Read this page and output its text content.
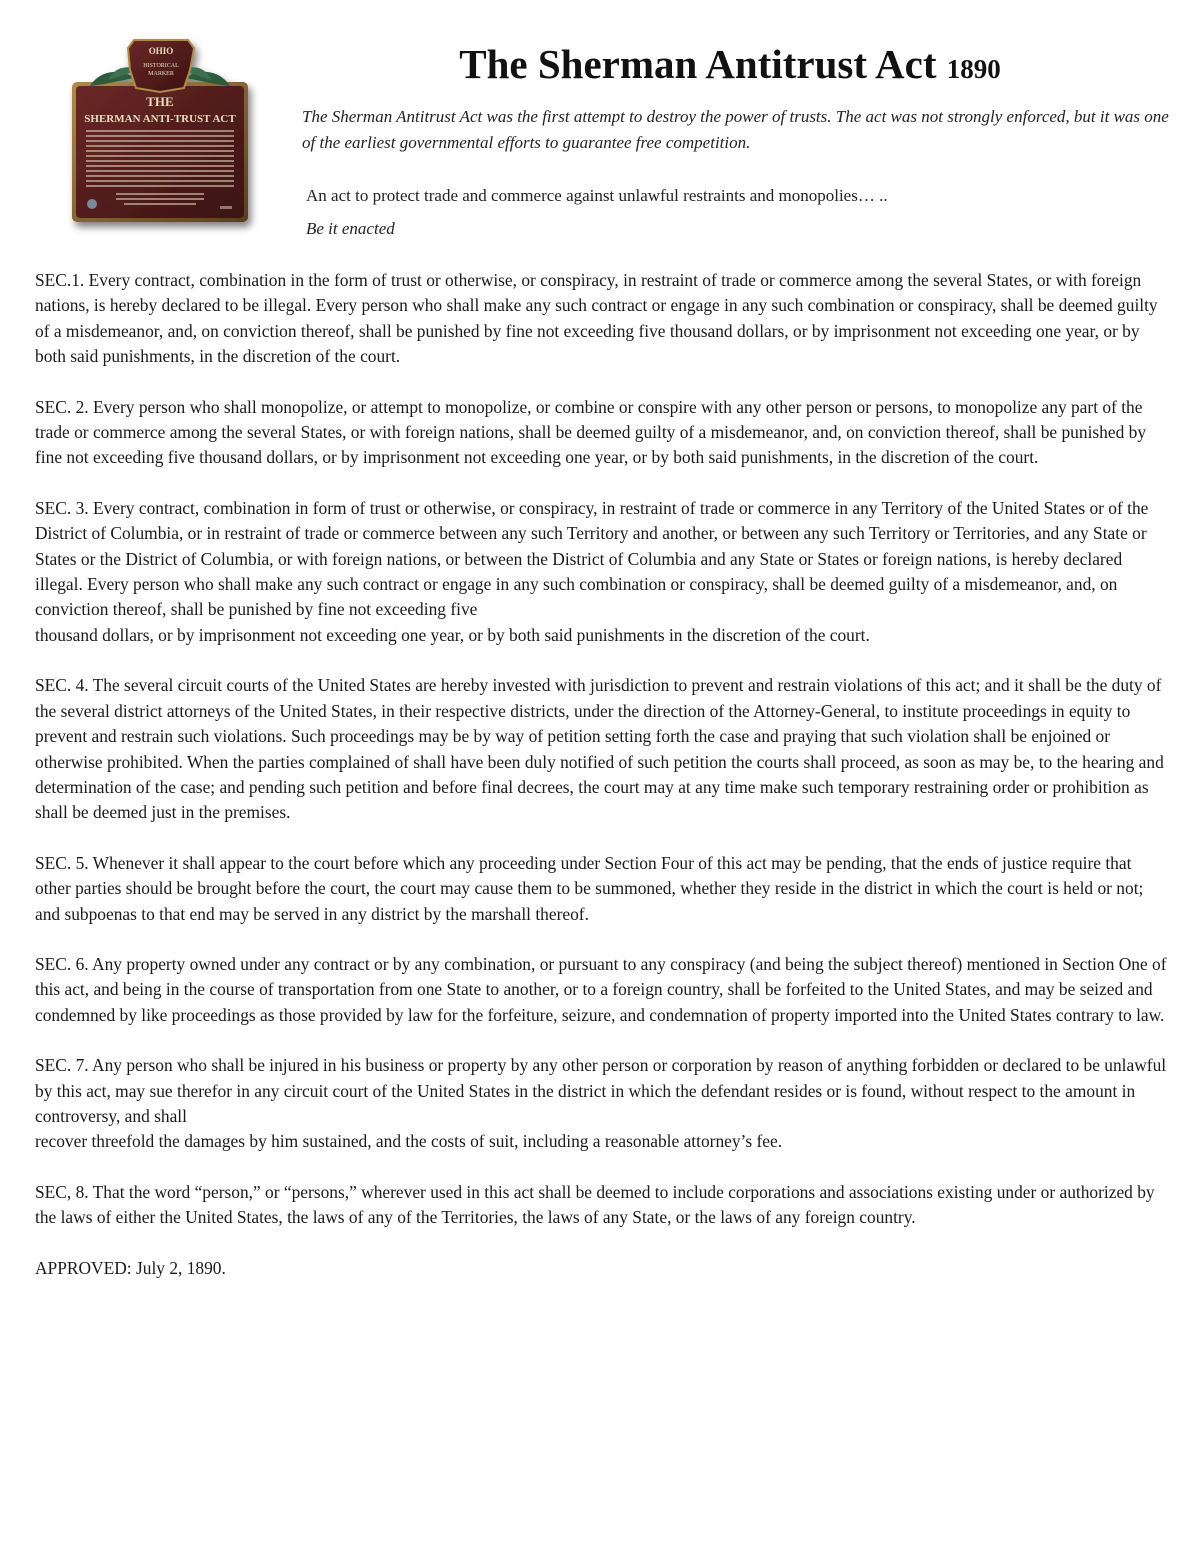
OHIO
HISTORICAL
MARKER
THE
SHERMAN ANTI-TRUST ACT
The Sherman Antitrust Act 1890

The Sherman Antitrust Act was the first attempt to destroy the power of trusts. The act was not strongly enforced, but it was one of the earliest governmental efforts to guarantee free competition.

An act to protect trade and commerce against unlawful restraints and monopolies… ..

Be it enacted

SEC.1. Every contract, combination in the form of trust or otherwise, or conspiracy, in restraint of trade or commerce among the several States, or with foreign nations, is hereby declared to be illegal. Every person who shall make any such contract or engage in any such combination or conspiracy, shall be deemed guilty of a misdemeanor, and, on conviction thereof, shall be punished by fine not exceeding five thousand dollars, or by imprisonment not exceeding one year, or by both said punishments, in the discretion of the court.

SEC. 2. Every person who shall monopolize, or attempt to monopolize, or combine or conspire with any other person or persons, to monopolize any part of the trade or commerce among the several States, or with foreign nations, shall be deemed guilty of a misdemeanor, and, on conviction thereof, shall be punished by fine not exceeding five thousand dollars, or by imprisonment not exceeding one year, or by both said punishments, in the discretion of the court.

SEC. 3. Every contract, combination in form of trust or otherwise, or conspiracy, in restraint of trade or commerce in any Territory of the United States or of the District of Columbia, or in restraint of trade or commerce between any such Territory and another, or between any such Territory or Territories, and any State or States or the District of Columbia, or with foreign nations, or between the District of Columbia and any State or States or foreign nations, is hereby declared illegal. Every person who shall make any such contract or engage in any such combination or conspiracy, shall be deemed guilty of a misdemeanor, and, on conviction thereof, shall be punished by fine not exceeding five
thousand dollars, or by imprisonment not exceeding one year, or by both said punishments in the discretion of the court.

SEC. 4. The several circuit courts of the United States are hereby invested with jurisdiction to prevent and restrain violations of this act; and it shall be the duty of the several district attorneys of the United States, in their respective districts, under the direction of the Attorney-General, to institute proceedings in equity to prevent and restrain such violations. Such proceedings may be by way of petition setting forth the case and praying that such violation shall be enjoined or otherwise prohibited. When the parties complained of shall have been duly notified of such petition the courts shall proceed, as soon as may be, to the hearing and determination of the case; and pending such petition and before final decrees, the court may at any time make such temporary restraining order or prohibition as shall be deemed just in the premises.

SEC. 5. Whenever it shall appear to the court before which any proceeding under Section Four of this act may be pending, that the ends of justice require that other parties should be brought before the court, the court may cause them to be summoned, whether they reside in the district in which the court is held or not; and subpoenas to that end may be served in any district by the marshall thereof.

SEC. 6. Any property owned under any contract or by any combination, or pursuant to any conspiracy (and being the subject thereof) mentioned in Section One of this act, and being in the course of transportation from one State to another, or to a foreign country, shall be forfeited to the United States, and may be seized and condemned by like proceedings as those provided by law for the forfeiture, seizure, and condemnation of property imported into the United States contrary to law.

SEC. 7. Any person who shall be injured in his business or property by any other person or corporation by reason of anything forbidden or declared to be unlawful by this act, may sue therefor in any circuit court of the United States in the district in which the defendant resides or is found, without respect to the amount in controversy, and shall
recover threefold the damages by him sustained, and the costs of suit, including a reasonable attorney’s fee.

SEC, 8. That the word “person,” or “persons,” wherever used in this act shall be deemed to include corporations and associations existing under or authorized by the laws of either the United States, the laws of any of the Territories, the laws of any State, or the laws of any foreign country.

APPROVED: July 2, 1890.
